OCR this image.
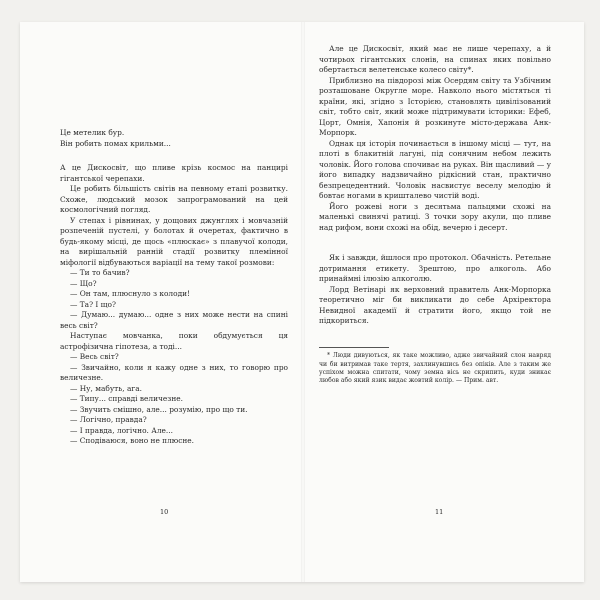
Це метелик бур.

Він робить помах крильми...

А це Дискосвіт, що пливе крізь космос на панцирі гігантської черепахи.

Це робить більшість світів на певному етапі розвитку. Схоже, людський мозок запрограмований на цей космологічний погляд.

У степах і рівнинах, у дощових джунглях і мовчазній розпеченій пустелі, у болотах й очеретах, фактично в будь-якому місці, де щось «плюскає» з плавучої колоди, на вирішальній ранній стадії розвитку племінної міфології відбуваються варіації на тему такої розмови:

— Ти то бачив?

— Що?

— Он там, плюснуло з колоди!

— Та? І що?

— Думаю... думаю... одне з них може нести на спині весь світ?

Наступає мовчанка, поки обдумується ця астрофізична гіпотеза, а тоді...

— Весь світ?

— Звичайно, коли я кажу одне з них, то говорю про величезне.

— Ну, мабуть, ага.

— Типу... справді величезне.

— Звучить смішно, але... розумію, про що ти.

— Логічно, правда?

— І правда, логічно. Але...

— Сподіваюся, воно не плюсне.

10

Але це Дискосвіт, який має не лише черепаху, а й чотирьох гігантських слонів, на спинах яких повільно обертається велетенське колесо світу*.

Приблизно на півдорозі між Осердям світу та Узбічним розташоване Округле море. Навколо нього містяться ті країни, які, згідно з Історією, становлять цивілізований світ, тобто світ, який може підтримувати історики: Ефеб, Цорт, Омнія, Хапонія й розкинуте місто-держава Анк-Морпорк.

Однак ця історія починається в іншому місці — тут, на плоті в блакитній лагуні, під сонячним небом лежить чоловік. Його голова спочиває на руках. Він щасливий — у його випадку надзвичайно рідкісний стан, практично безпрецедентний. Чоловік насвистує веселу мелодію й бовтає ногами в кришталево чистій воді.

Його рожеві ноги з десятьма пальцями схожі на маленькі свинячі ратиці. З точки зору акули, що пливе над рифом, вони схожі на обід, вечерю і десерт.

Як і завжди, йшлося про протокол. Обачність. Ретельне дотримання етикету. Зрештою, про алкоголь. Або принаймні ілюзію алкоголю.

Лорд Ветінарі як верховний правитель Анк-Морпорка теоретично міг би викликати до себе Архіректора Невидної академії й стратити його, якщо той не підкориться.

* Люди дивуються, як таке можливо, адже звичайний слон навряд чи би витримав таке тертя, захлинувшись без опіків. Але з таким же успіхом можна спитати, чому земна вісь не скрипить, куди зникає любов або який язик видає жовтий колір. — Прим. авт.

11
